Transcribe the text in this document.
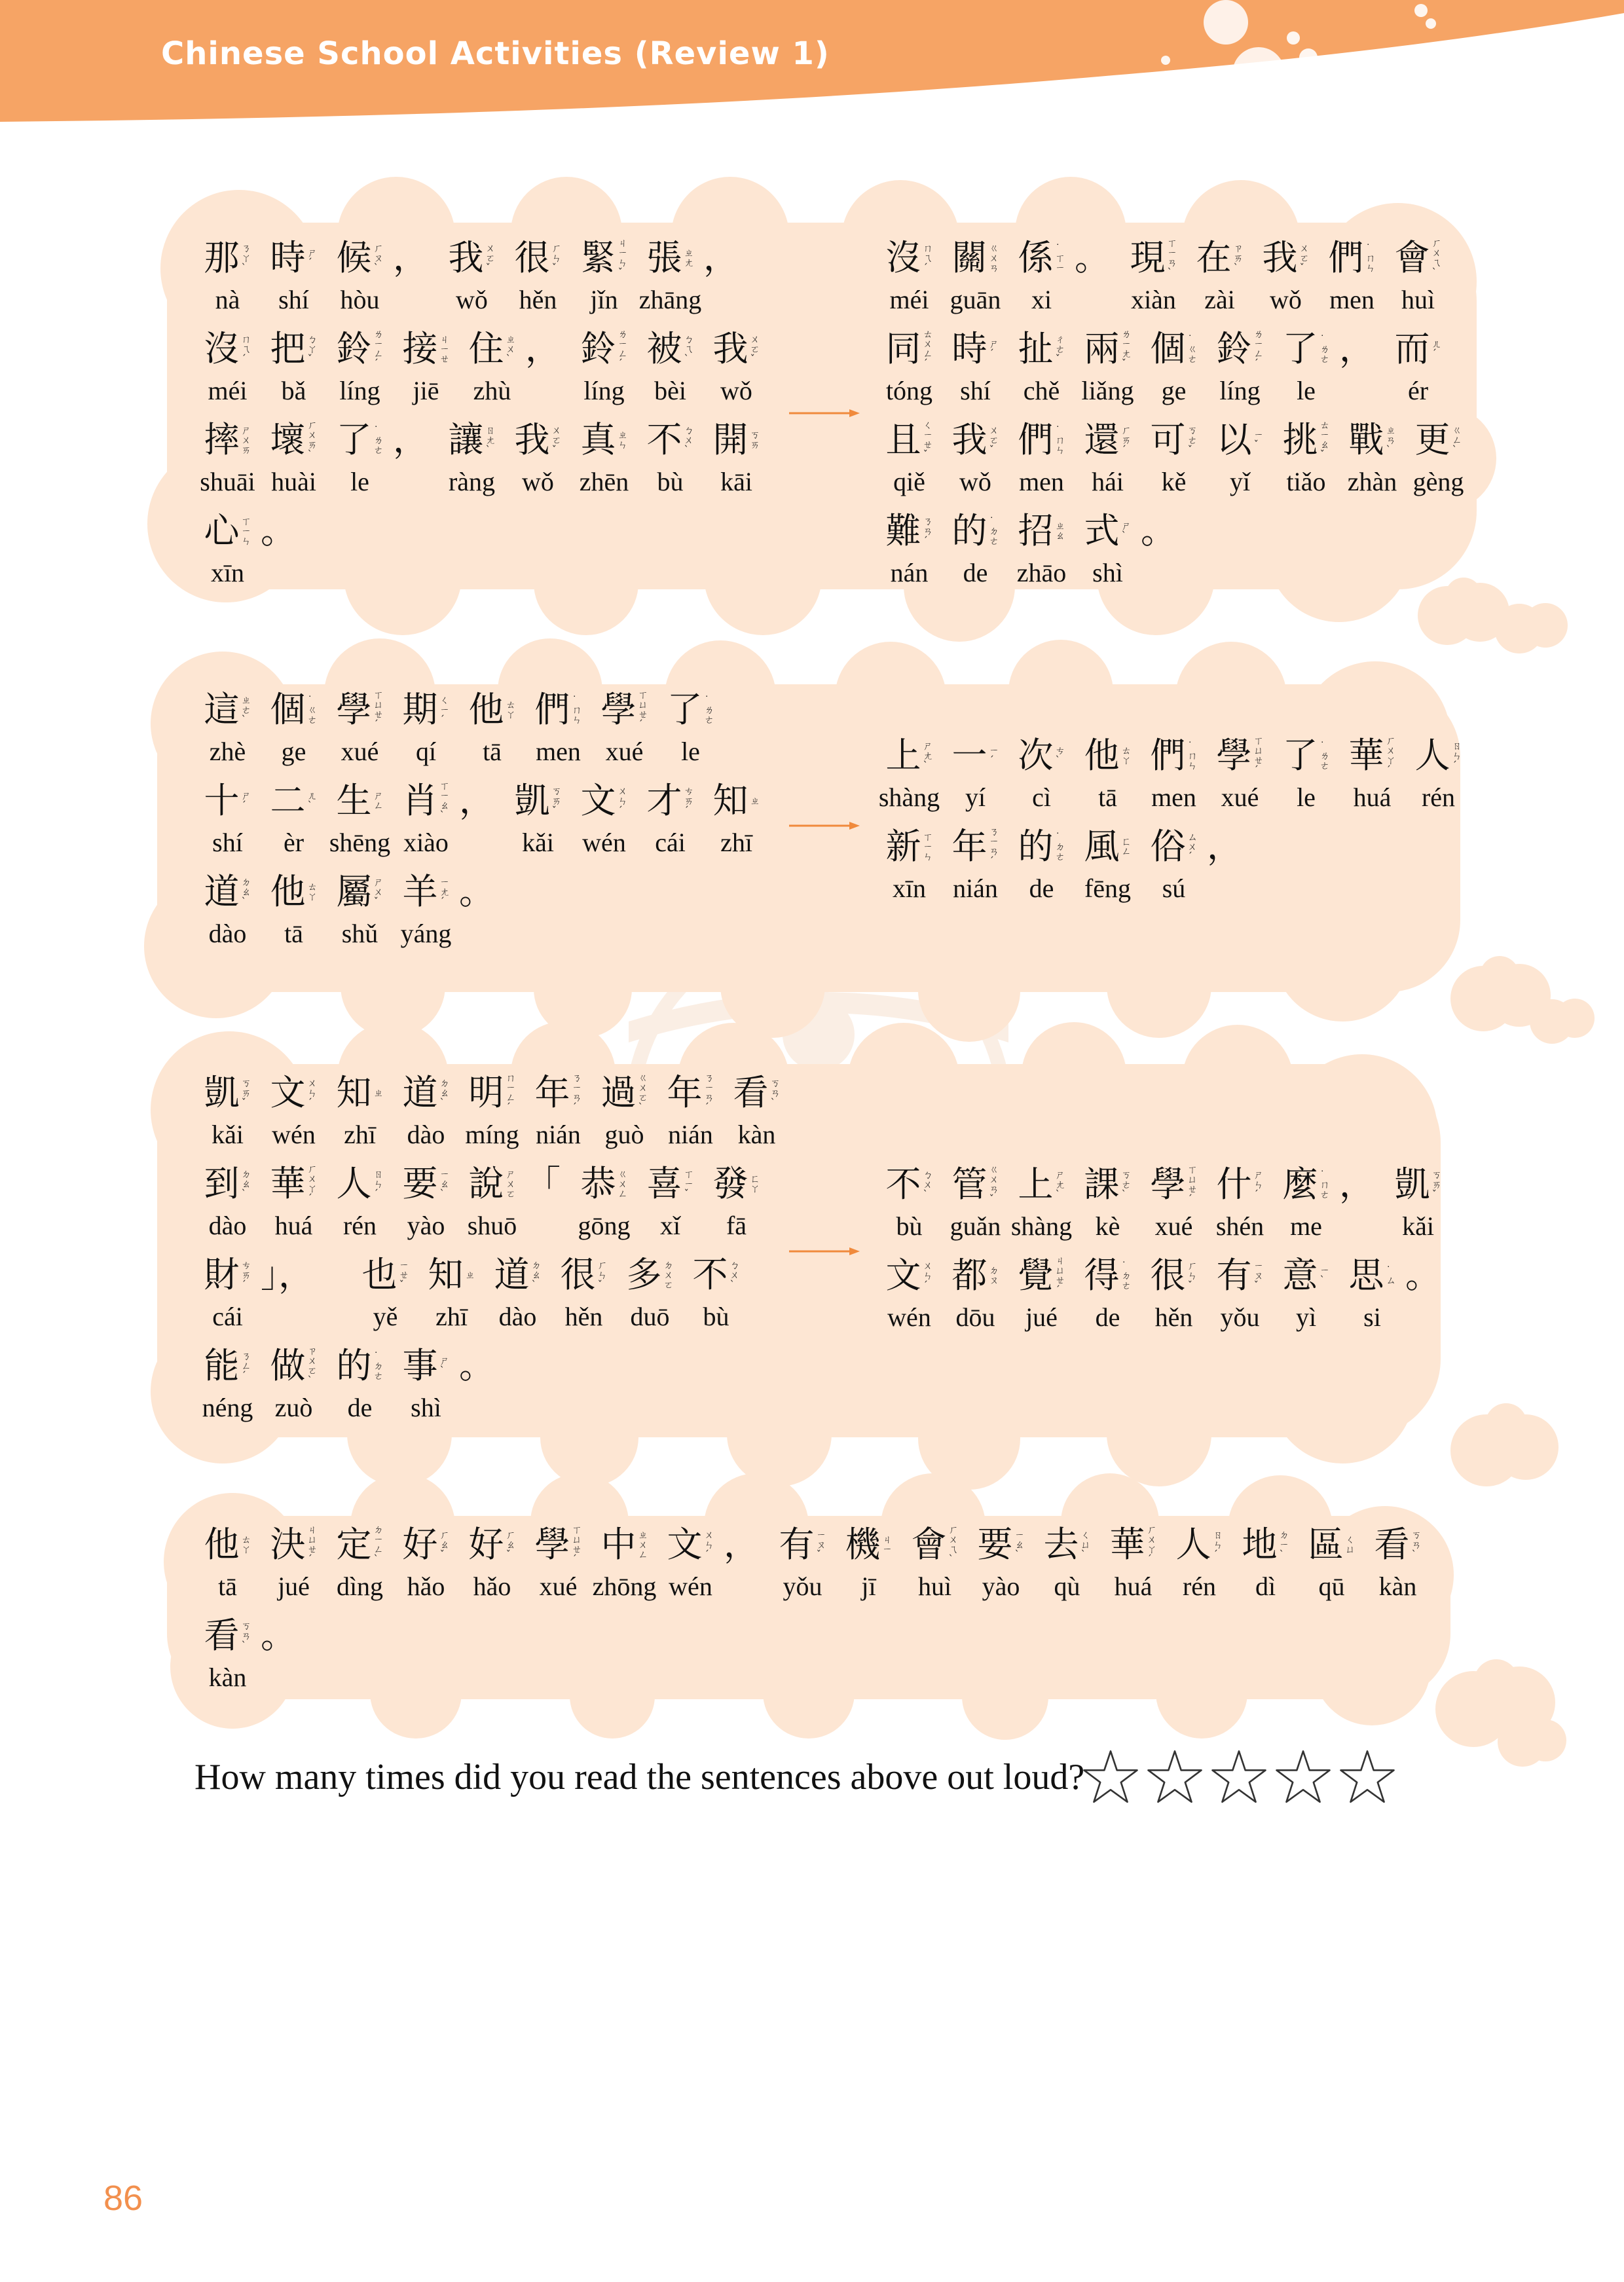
Chinese School Activities (Review 1)
那 ㄋ
ㄚ
ˋ
nà
時 ㄕ
ˊ
shí
候 ㄏ
ㄡ
ˋ
hòu
， 我 ㄨ
ㄛ
ˇ
wǒ
很 ㄏ
ㄣ
ˇ
hěn
緊 ㄐ
ㄧ
ㄣ
ˇ
jǐn
張 ㄓ
ㄤ
zhāng
，
沒 ㄇ
ㄟ
ˊ
méi
把 ㄅ
ㄚ
ˇ
bǎ
鈴 ㄌ
ㄧ
ㄥ
ˊ
líng
接 ㄐ
ㄧ
ㄝ
jiē
住 ㄓ
ㄨ
ˋ
zhù
， 鈴 ㄌ
ㄧ
ㄥ
ˊ
líng
被 ㄅ
ㄟ
ˋ
bèi
我 ㄨ
ㄛ
ˇ
wǒ
摔 ㄕ
ㄨ
ㄞ
shuāi
壞 ㄏ
ㄨ
ㄞ
ˋ
huài
了 ˙
ㄌ
ㄜ
le
， 讓 ㄖ
ㄤ
ˋ
ràng
我 ㄨ
ㄛ
ˇ
wǒ
真 ㄓ
ㄣ
zhēn
不 ㄅ
ㄨ
ˋ
bù
開 ㄎ
ㄞ
kāi
心 ㄒ
ㄧ
ㄣ
xīn
。
沒 ㄇ
ㄟ
ˊ
méi
關 ㄍ
ㄨ
ㄢ
guān
係 ˙
ㄒ
ㄧ
xi
。 現 ㄒ
ㄧ
ㄢ
ˋ
xiàn
在 ㄗ
ㄞ
ˋ
zài
我 ㄨ
ㄛ
ˇ
wǒ
們 ˙
ㄇ
ㄣ
men
會 ㄏ
ㄨ
ㄟ
ˋ
huì
同 ㄊ
ㄨ
ㄥ
ˊ
tóng
時 ㄕ
ˊ
shí
扯 ㄔ
ㄜ
ˇ
chě
兩 ㄌ
ㄧ
ㄤ
ˇ
liǎng
個 ˙
ㄍ
ㄜ
ge
鈴 ㄌ
ㄧ
ㄥ
ˊ
líng
了 ˙
ㄌ
ㄜ
le
， 而 ㄦ
ˊ
ér
且 ㄑ
ㄧ
ㄝ
ˇ
qiě
我 ㄨ
ㄛ
ˇ
wǒ
們 ˙
ㄇ
ㄣ
men
還 ㄏ
ㄞ
ˊ
hái
可 ㄎ
ㄜ
ˇ
kě
以 ㄧ
ˇ
yǐ
挑 ㄊ
ㄧ
ㄠ
ˇ
tiǎo
戰 ㄓ
ㄢ
ˋ
zhàn
更 ㄍ
ㄥ
ˋ
gèng
難 ㄋ
ㄢ
ˊ
nán
的 ˙
ㄉ
ㄜ
de
招 ㄓ
ㄠ
zhāo
式 ㄕ
ˋ
shì
。
這 ㄓ
ㄜ
ˋ
zhè
個 ˙
ㄍ
ㄜ
ge
學 ㄒ
ㄩ
ㄝ
ˊ
xué
期 ㄑ
ㄧ
ˊ
qí
他 ㄊ
ㄚ
tā
們 ˙
ㄇ
ㄣ
men
學 ㄒ
ㄩ
ㄝ
ˊ
xué
了 ˙
ㄌ
ㄜ
le
十 ㄕ
ˊ
shí
二 ㄦ
ˋ
èr
生 ㄕ
ㄥ
shēng
肖 ㄒ
ㄧ
ㄠ
ˋ
xiào
， 凱 ㄎ
ㄞ
ˇ
kǎi
文 ㄨ
ㄣ
ˊ
wén
才 ㄘ
ㄞ
ˊ
cái
知 ㄓ
zhī
道 ㄉ
ㄠ
ˋ
dào
他 ㄊ
ㄚ
tā
屬 ㄕ
ㄨ
ˇ
shǔ
羊 ㄧ
ㄤ
ˊ
yáng
。
上 ㄕ
ㄤ
ˋ
shàng
一 ㄧ
ˊ
yí
次 ㄘ
ˋ
cì
他 ㄊ
ㄚ
tā
們 ˙
ㄇ
ㄣ
men
學 ㄒ
ㄩ
ㄝ
ˊ
xué
了 ˙
ㄌ
ㄜ
le
華 ㄏ
ㄨ
ㄚ
ˊ
huá
人 ㄖ
ㄣ
ˊ
rén
新 ㄒ
ㄧ
ㄣ
xīn
年 ㄋ
ㄧ
ㄢ
ˊ
nián
的 ˙
ㄉ
ㄜ
de
風 ㄈ
ㄥ
fēng
俗 ㄙ
ㄨ
ˊ
sú
，
凱 ㄎ
ㄞ
ˇ
kǎi
文 ㄨ
ㄣ
ˊ
wén
知 ㄓ
zhī
道 ㄉ
ㄠ
ˋ
dào
明 ㄇ
ㄧ
ㄥ
ˊ
míng
年 ㄋ
ㄧ
ㄢ
ˊ
nián
過 ㄍ
ㄨ
ㄛ
ˋ
guò
年 ㄋ
ㄧ
ㄢ
ˊ
nián
看 ㄎ
ㄢ
ˋ
kàn
到 ㄉ
ㄠ
ˋ
dào
華 ㄏ
ㄨ
ㄚ
ˊ
huá
人 ㄖ
ㄣ
ˊ
rén
要 ㄧ
ㄠ
ˋ
yào
說 ㄕ
ㄨ
ㄛ
shuō
「 恭 ㄍ
ㄨ
ㄥ
gōng
喜 ㄒ
ㄧ
ˇ
xǐ
發 ㄈ
ㄚ
fā
財 ㄘ
ㄞ
ˊ
cái
」，	也 ㄧ
ㄝ
ˇ
yě
知 ㄓ
zhī
道 ㄉ
ㄠ
ˋ
dào
很 ㄏ
ㄣ
ˇ
hěn
多 ㄉ
ㄨ
ㄛ
duō
不 ㄅ
ㄨ
ˋ
bù
能 ㄋ
ㄥ
ˊ
néng
做 ㄗ
ㄨ
ㄛ
ˋ
zuò
的 ˙
ㄉ
ㄜ
de
事 ㄕ
ˋ
shì
。
不 ㄅ
ㄨ
ˋ
bù
管 ㄍ
ㄨ
ㄢ
ˇ
guǎn
上 ㄕ
ㄤ
ˋ
shàng
課 ㄎ
ㄜ
ˋ
kè
學 ㄒ
ㄩ
ㄝ
ˊ
xué
什 ㄕ
ㄣ
ˊ
shén
麼 ˙
ㄇ
ㄜ
me
， 凱 ㄎ
ㄞ
ˇ
kǎi
文 ㄨ
ㄣ
ˊ
wén
都 ㄉ
ㄡ
dōu
覺 ㄐ
ㄩ
ㄝ
ˊ
jué
得 ˙
ㄉ
ㄜ
de
很 ㄏ
ㄣ
ˇ
hěn
有 ㄧ
ㄡ
ˇ
yǒu
意 ㄧ
ˋ
yì
思 ˙
ㄙ
si
。
他 ㄊ
ㄚ
tā
決 ㄐ
ㄩ
ㄝ
ˊ
jué
定 ㄉ
ㄧ
ㄥ
ˋ
dìng
好 ㄏ
ㄠ
ˇ
hǎo
好 ㄏ
ㄠ
ˇ
hǎo
學 ㄒ
ㄩ
ㄝ
ˊ
xué
中 ㄓ
ㄨ
ㄥ
zhōng
文 ㄨ
ㄣ
ˊ
wén
， 有 ㄧ
ㄡ
ˇ
yǒu
機 ㄐ
ㄧ
jī
會 ㄏ
ㄨ
ㄟ
ˋ
huì
要 ㄧ
ㄠ
ˋ
yào
去 ㄑ
ㄩ
ˋ
qù
華 ㄏ
ㄨ
ㄚ
ˊ
huá
人 ㄖ
ㄣ
ˊ
rén
地 ㄉ
ㄧ
ˋ
dì
區 ㄑ
ㄩ
qū
看 ㄎ
ㄢ
ˋ
kàn
看 ㄎ
ㄢ
ˋ
kàn
。
How many times did you read the sentences above out loud?
86
